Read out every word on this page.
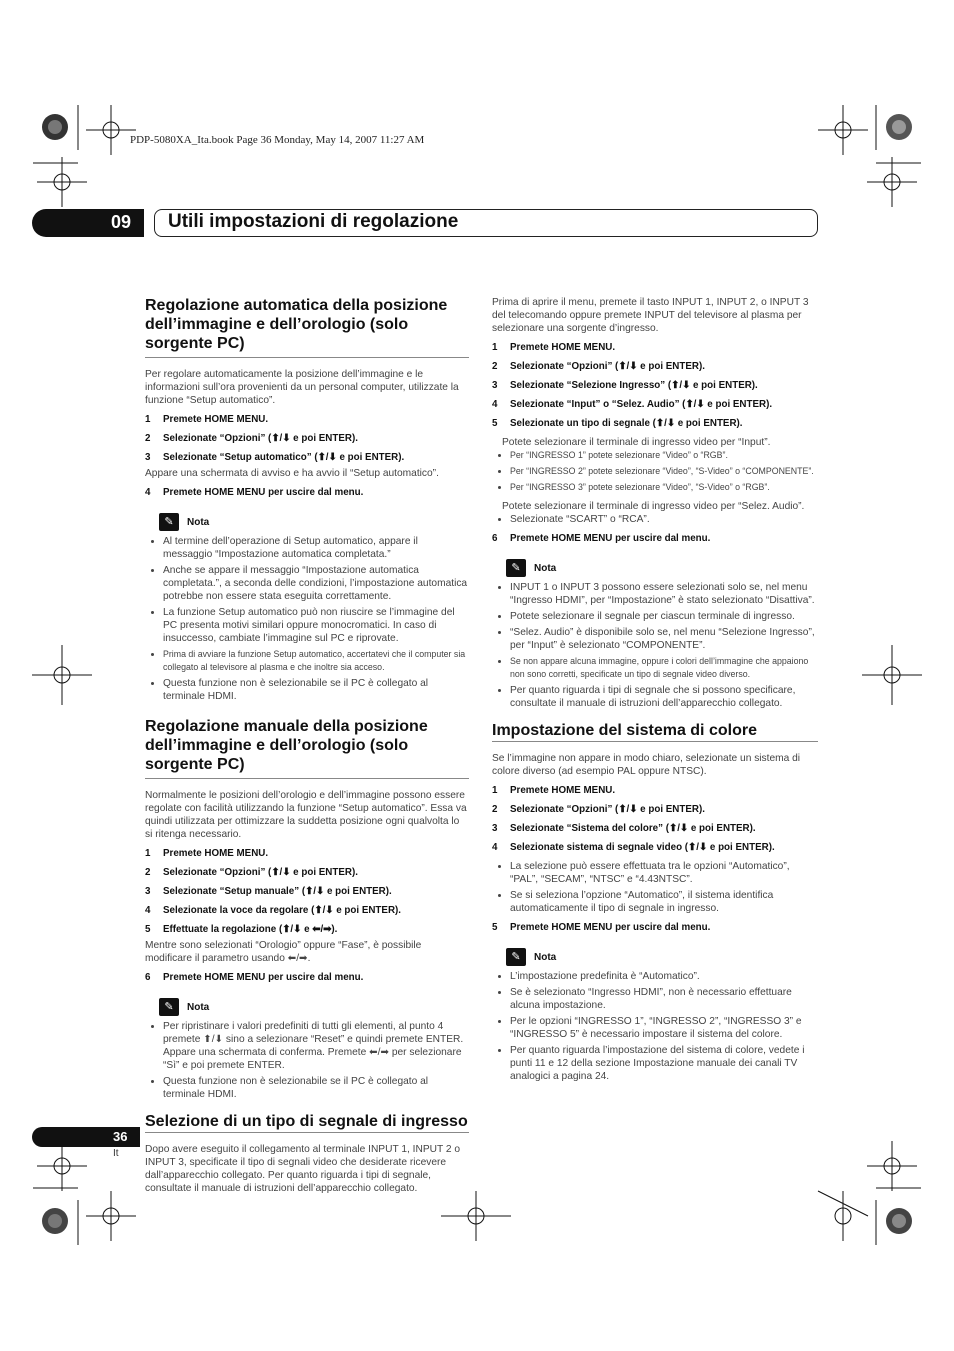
PDP-5080XA_Ita.book Page 36 Monday, May 14, 2007 11:27 AM
09 Utili impostazioni di regolazione
Regolazione automatica della posizione dell’immagine e dell’orologio (solo sorgente PC)

Per regolare automaticamente la posizione dell’immagine e le informazioni sull’ora provenienti da un personal computer, utilizzate la funzione “Setup automatico”.

1 Premete HOME MENU.
2 Selezionate “Opzioni” (⬆/⬇ e poi ENTER).
3 Selezionate “Setup automatico” (⬆/⬇ e poi ENTER).
Appare una schermata di avviso e ha avvio il “Setup automatico”.
4 Premete HOME MENU per uscire dal menu.
✎	Nota
• Al termine dell’operazione di Setup automatico, appare il messaggio “Impostazione automatica completata.”
• Anche se appare il messaggio “Impostazione automatica completata.”, a seconda delle condizioni, l’impostazione automatica potrebbe non essere stata eseguita correttamente.
• La funzione Setup automatico può non riuscire se l’immagine del PC presenta motivi similari oppure monocromatici. In caso di insuccesso, cambiate l’immagine sul PC e riprovate.
• Prima di avviare la funzione Setup automatico, accertatevi che il computer sia collegato al televisore al plasma e che inoltre sia acceso.
• Questa funzione non è selezionabile se il PC è collegato al terminale HDMI.
Regolazione manuale della posizione dell’immagine e dell’orologio (solo sorgente PC)

Normalmente le posizioni dell’orologio e dell’immagine possono essere regolate con facilità utilizzando la funzione “Setup automatico”. Essa va quindi utilizzata per ottimizzare la suddetta posizione ogni qualvolta lo si ritenga necessario.

1 Premete HOME MENU.
2 Selezionate “Opzioni” (⬆/⬇ e poi ENTER).
3 Selezionate “Setup manuale” (⬆/⬇ e poi ENTER).
4 Selezionate la voce da regolare (⬆/⬇ e poi ENTER).
5 Effettuate la regolazione (⬆/⬇ e ⬅/➡).
Mentre sono selezionati “Orologio” oppure “Fase”, è possibile modificare il parametro usando ⬅/➡.
6 Premete HOME MENU per uscire dal menu.
✎	Nota
• Per ripristinare i valori predefiniti di tutti gli elementi, al punto 4 premete ⬆/⬇ sino a selezionare “Reset” e quindi premete ENTER. Appare una schermata di conferma. Premete ⬅/➡ per selezionare “Sì” e poi premete ENTER.
• Questa funzione non è selezionabile se il PC è collegato al terminale HDMI.
Selezione di un tipo di segnale di ingresso

Dopo avere eseguito il collegamento al terminale INPUT 1, INPUT 2 o INPUT 3, specificate il tipo di segnali video che desiderate ricevere dall’apparecchio collegato. Per quanto riguarda i tipi di segnale, consultate il manuale di istruzioni dell’apparecchio collegato.

Prima di aprire il menu, premete il tasto INPUT 1, INPUT 2, o INPUT 3 del telecomando oppure premete INPUT del televisore al plasma per selezionare una sorgente d’ingresso.

1 Premete HOME MENU.
2 Selezionate “Opzioni” (⬆/⬇ e poi ENTER).
3 Selezionate “Selezione Ingresso” (⬆/⬇ e poi ENTER).
4 Selezionate “Input” o “Selez. Audio” (⬆/⬇ e poi ENTER).
5 Selezionate un tipo di segnale (⬆/⬇ e poi ENTER).
Potete selezionare il terminale di ingresso video per “Input”.
• Per “INGRESSO 1” potete selezionare “Video” o “RGB”.
• Per “INGRESSO 2” potete selezionare “Video”, “S-Video” o “COMPONENTE”.
• Per “INGRESSO 3” potete selezionare “Video”, “S-Video” o “RGB”.
Potete selezionare il terminale di ingresso video per “Selez. Audio”.
• Selezionate “SCART” o “RCA”.
6 Premete HOME MENU per uscire dal menu.
✎	Nota
• INPUT 1 o INPUT 3 possono essere selezionati solo se, nel menu “Ingresso HDMI”, per “Impostazione” è stato selezionato “Disattiva”.
• Potete selezionare il segnale per ciascun terminale di ingresso.
• “Selez. Audio” è disponibile solo se, nel menu “Selezione Ingresso”, per “Input” è selezionato “COMPONENTE”.
• Se non appare alcuna immagine, oppure i colori dell’immagine che appaiono non sono corretti, specificate un tipo di segnale video diverso.
• Per quanto riguarda i tipi di segnale che si possono specificare, consultate il manuale di istruzioni dell’apparecchio collegato.
Impostazione del sistema di colore

Se l’immagine non appare in modo chiaro, selezionate un sistema di colore diverso (ad esempio PAL oppure NTSC).

1 Premete HOME MENU.
2 Selezionate “Opzioni” (⬆/⬇ e poi ENTER).
3 Selezionate “Sistema del colore” (⬆/⬇ e poi ENTER).
4 Selezionate sistema di segnale video (⬆/⬇ e poi ENTER).
• La selezione può essere effettuata tra le opzioni “Automatico”, “PAL”, “SECAM”, “NTSC” e “4.43NTSC”.
• Se si seleziona l’opzione “Automatico”, il sistema identifica automaticamente il tipo di segnale in ingresso.
5 Premete HOME MENU per uscire dal menu.
✎	Nota
• L’impostazione predefinita è “Automatico”.
• Se è selezionato “Ingresso HDMI”, non è necessario effettuare alcuna impostazione.
• Per le opzioni “INGRESSO 1”, “INGRESSO 2”, “INGRESSO 3” e “INGRESSO 5” è necessario impostare il sistema del colore.
• Per quanto riguarda l’impostazione del sistema di colore, vedete i punti 11 e 12 della sezione Impostazione manuale dei canali TV analogici a pagina 24.
36
It
